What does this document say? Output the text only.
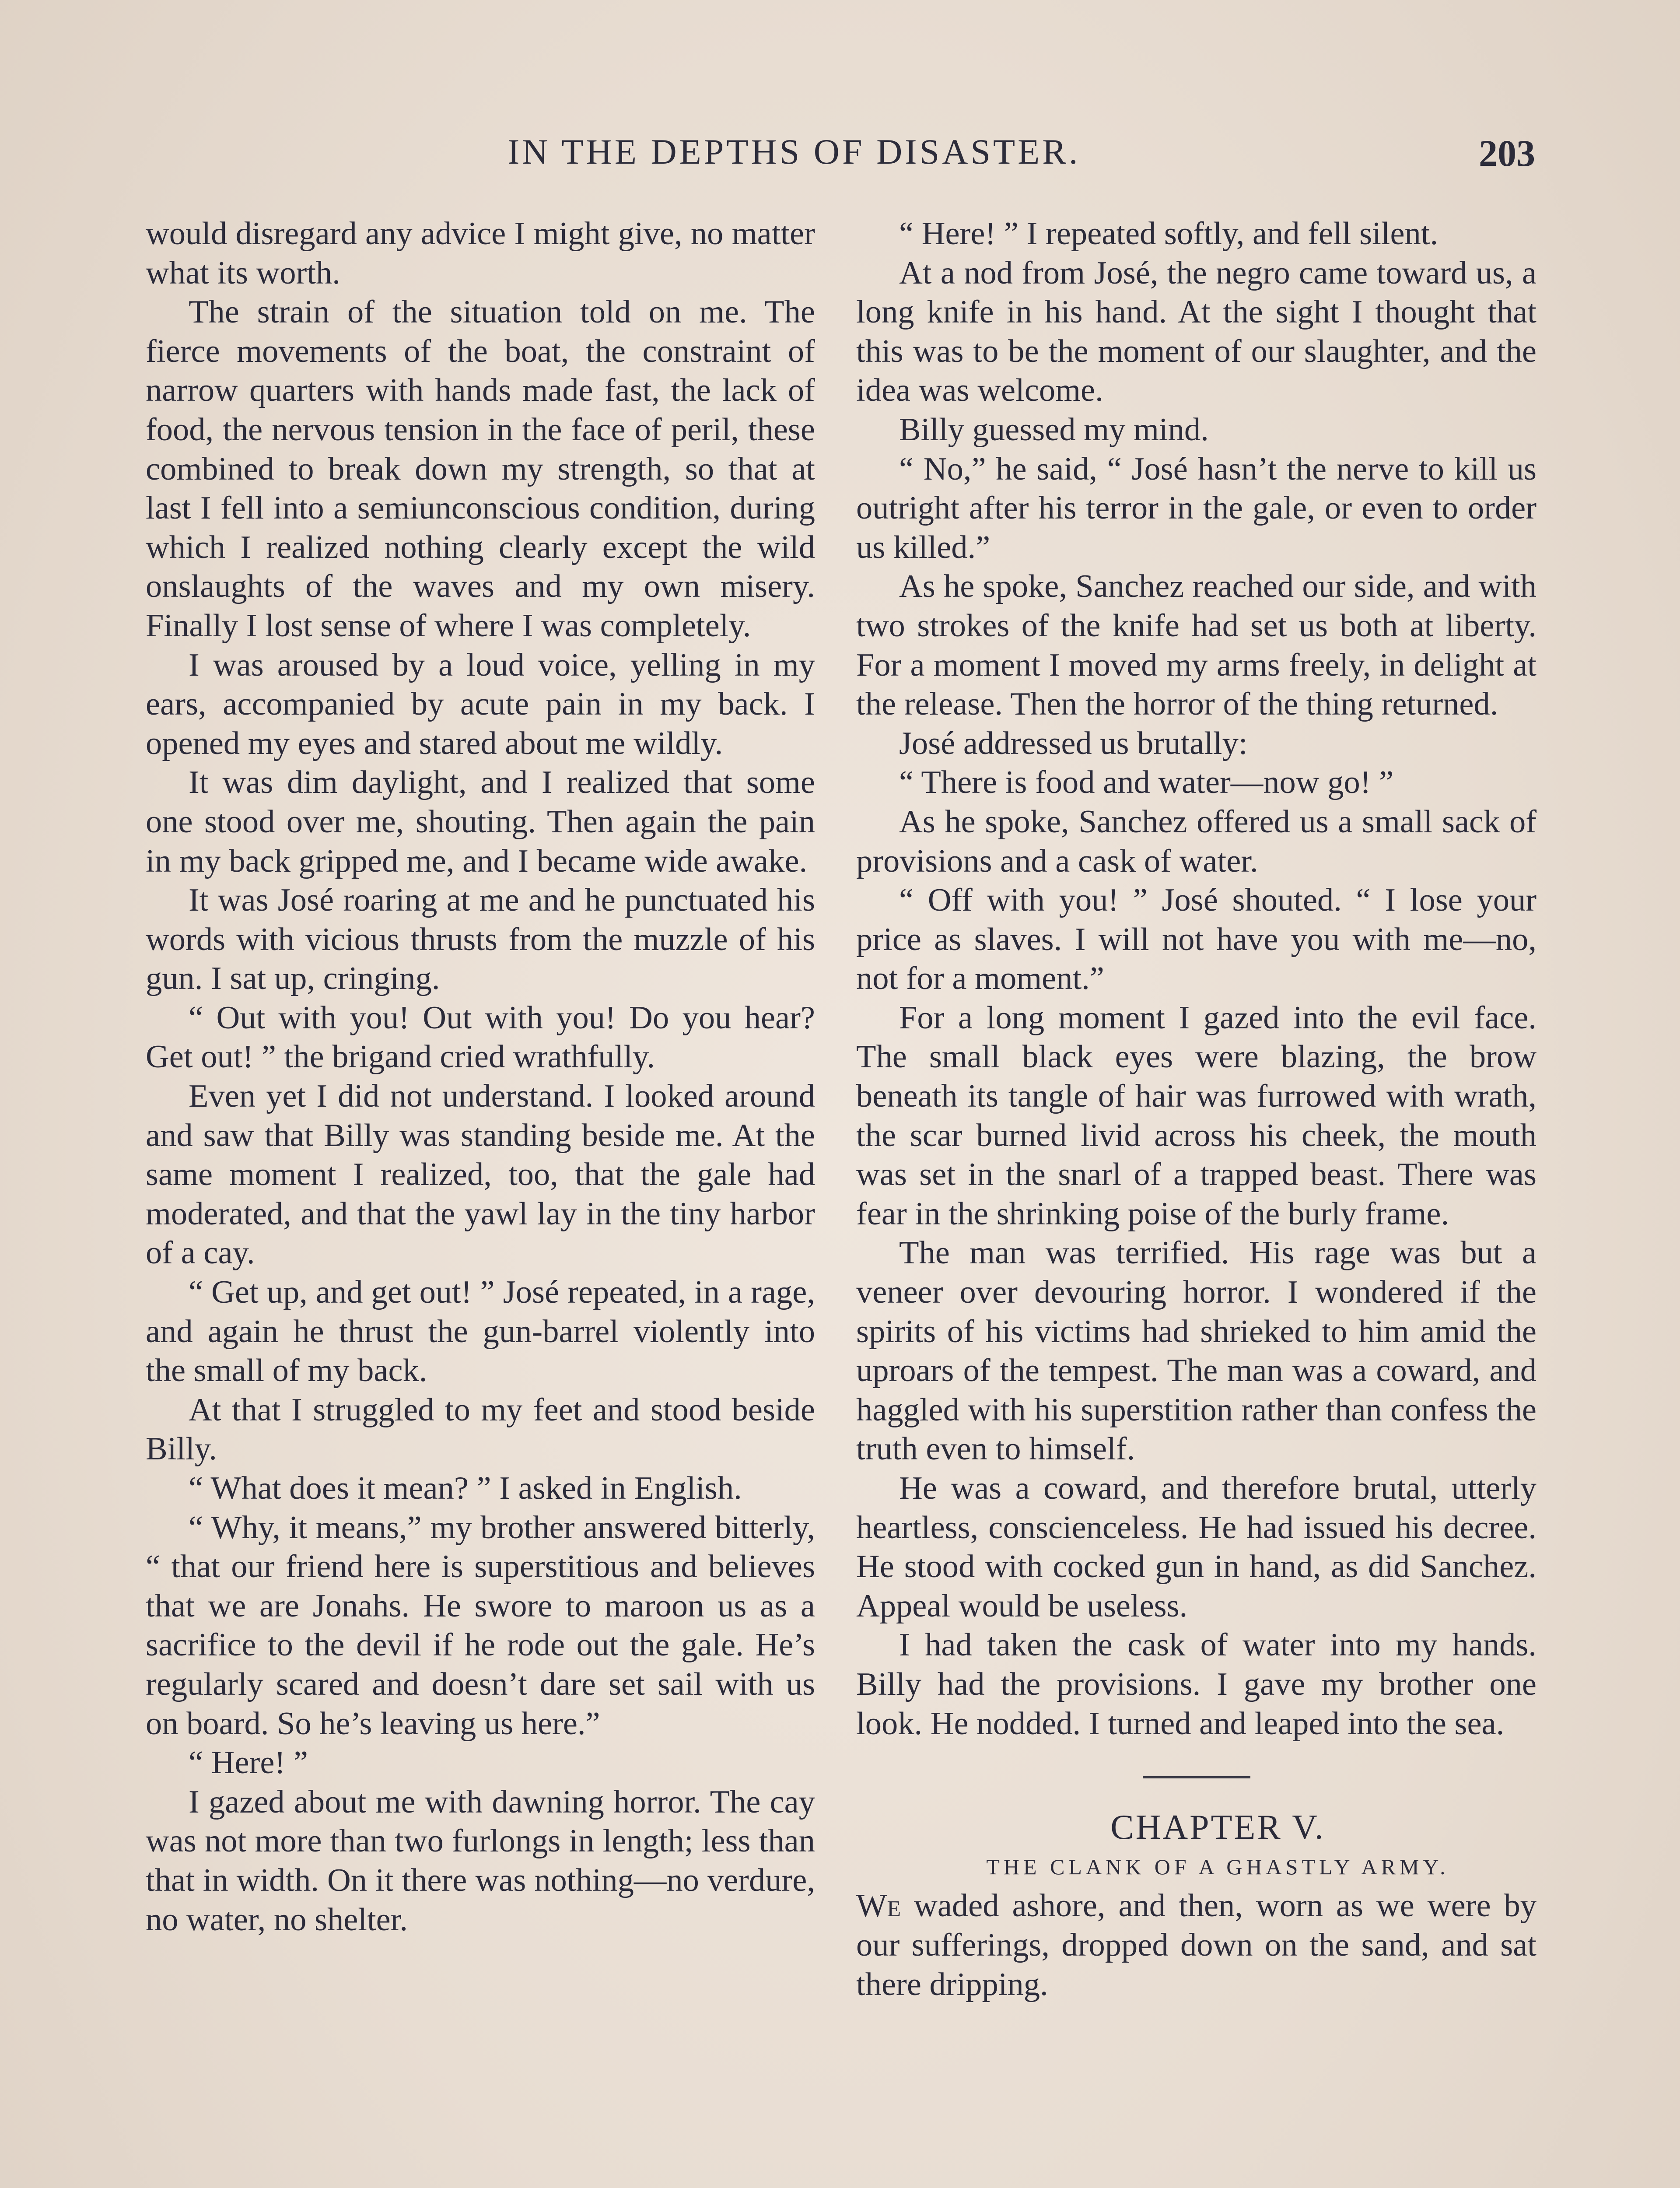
IN THE DEPTHS OF DISASTER.	203

would disregard any advice I might give, no matter what its worth.

The strain of the situation told on me. The fierce movements of the boat, the constraint of narrow quarters with hands made fast, the lack of food, the nervous tension in the face of peril, these combined to break down my strength, so that at last I fell into a semiunconscious condition, during which I realized nothing clearly except the wild onslaughts of the waves and my own misery. Finally I lost sense of where I was completely.

I was aroused by a loud voice, yelling in my ears, accompanied by acute pain in my back. I opened my eyes and stared about me wildly.

It was dim daylight, and I realized that some one stood over me, shouting. Then again the pain in my back gripped me, and I became wide awake.

It was José roaring at me and he punctuated his words with vicious thrusts from the muzzle of his gun. I sat up, cringing.

“ Out with you! Out with you! Do you hear? Get out! ” the brigand cried wrathfully.

Even yet I did not understand. I looked around and saw that Billy was standing beside me. At the same moment I realized, too, that the gale had moderated, and that the yawl lay in the tiny harbor of a cay.

“ Get up, and get out! ” José repeated, in a rage, and again he thrust the gun-barrel violently into the small of my back.

At that I struggled to my feet and stood beside Billy.

“ What does it mean? ” I asked in English.

“ Why, it means,” my brother answered bitterly, “ that our friend here is superstitious and believes that we are Jonahs. He swore to maroon us as a sacrifice to the devil if he rode out the gale. He’s regularly scared and doesn’t dare set sail with us on board. So he’s leaving us here.”

“ Here! ”

I gazed about me with dawning horror. The cay was not more than two furlongs in length; less than that in width. On it there was nothing—no verdure, no water, no shelter.

“ Here! ” I repeated softly, and fell silent.

At a nod from José, the negro came toward us, a long knife in his hand. At the sight I thought that this was to be the moment of our slaughter, and the idea was welcome.

Billy guessed my mind.

“ No,” he said, “ José hasn’t the nerve to kill us outright after his terror in the gale, or even to order us killed.”

As he spoke, Sanchez reached our side, and with two strokes of the knife had set us both at liberty. For a moment I moved my arms freely, in delight at the release. Then the horror of the thing returned.

José addressed us brutally:

“ There is food and water—now go! ”

As he spoke, Sanchez offered us a small sack of provisions and a cask of water.

“ Off with you! ” José shouted. “ I lose your price as slaves. I will not have you with me—no, not for a moment.”

For a long moment I gazed into the evil face. The small black eyes were blazing, the brow beneath its tangle of hair was furrowed with wrath, the scar burned livid across his cheek, the mouth was set in the snarl of a trapped beast. There was fear in the shrinking poise of the burly frame.

The man was terrified. His rage was but a veneer over devouring horror. I wondered if the spirits of his victims had shrieked to him amid the uproars of the tempest. The man was a coward, and haggled with his superstition rather than confess the truth even to himself.

He was a coward, and therefore brutal, utterly heartless, conscienceless. He had issued his decree. He stood with cocked gun in hand, as did Sanchez. Appeal would be useless.

I had taken the cask of water into my hands. Billy had the provisions. I gave my brother one look. He nodded. I turned and leaped into the sea.

CHAPTER V.

THE CLANK OF A GHASTLY ARMY.

We waded ashore, and then, worn as we were by our sufferings, dropped down on the sand, and sat there dripping.
